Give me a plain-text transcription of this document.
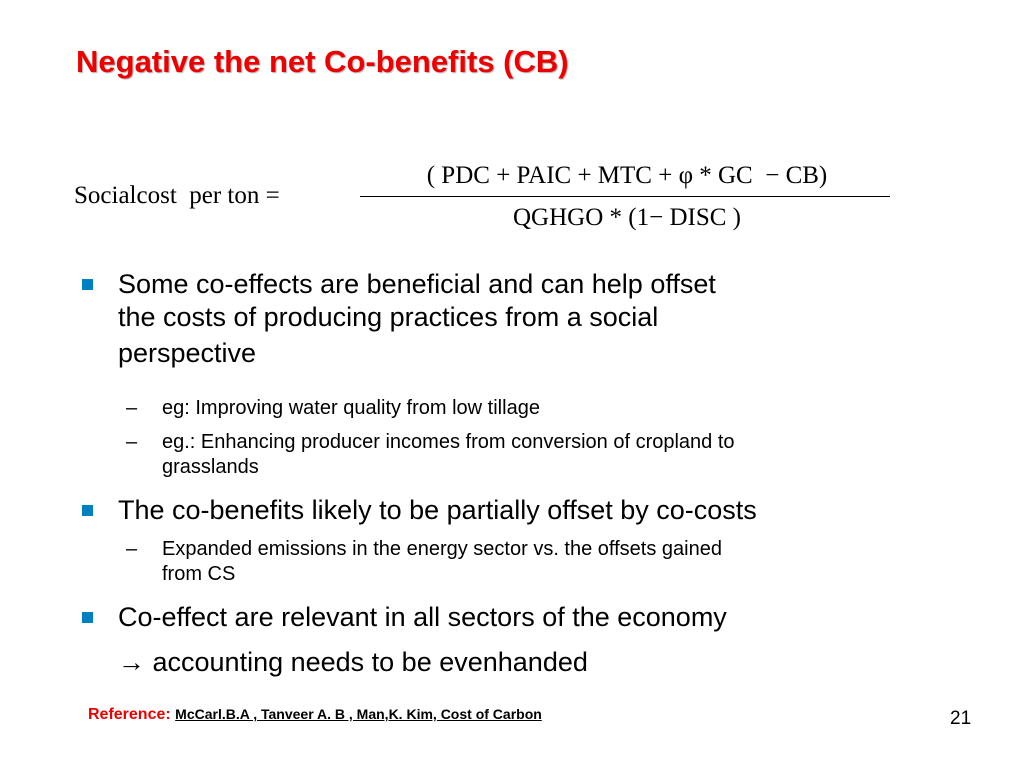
Negative the net Co-benefits (CB)
Socialcost  per ton =
( PDC + PAIC + MTC + φ * GC  − CB)
QGHGO * (1− DISC )
Some co-effects are beneficial and can help offset
the costs of producing practices from a social
perspective
– eg: Improving water quality from low tillage
– eg.: Enhancing producer incomes from conversion of cropland to
grasslands
The co-benefits likely to be partially offset by co-costs
– Expanded emissions in the energy sector vs. the offsets gained
from CS
Co-effect are relevant in all sectors of the economy
→ accounting needs to be evenhanded
Reference: McCarl.B.A , Tanveer A. B , Man,K. Kim, Cost of Carbon	21
